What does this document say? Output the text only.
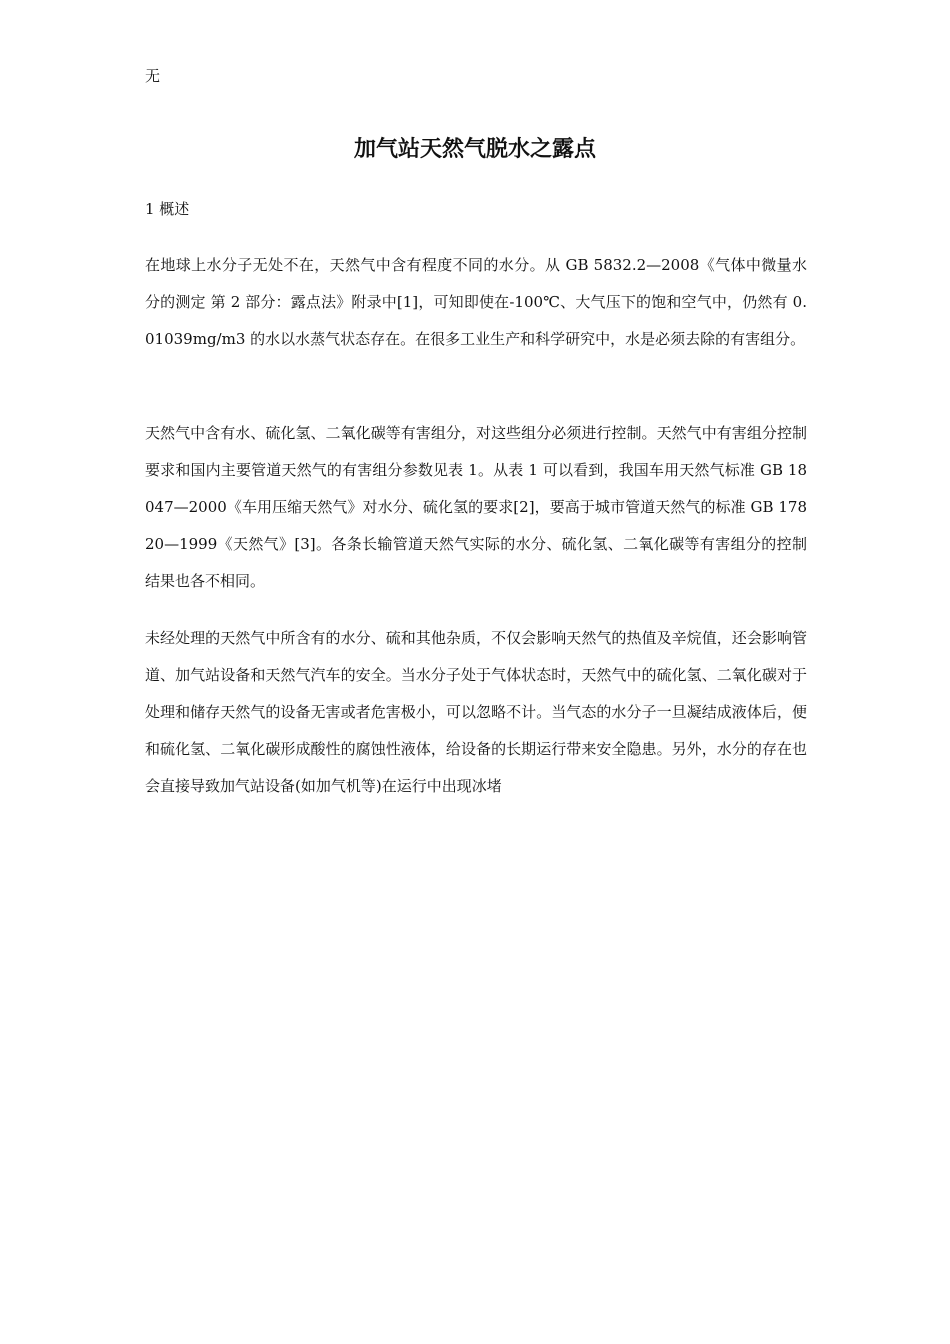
无
加气站天然气脱水之露点
1 概述

在地球上水分子无处不在，天然气中含有程度不同的水分。从 GB 5832.2—2008《气体中微量水分的测定 第 2 部分：露点法》附录中[1]，可知即使在-100℃、大气压下的饱和空气中，仍然有 0.01039mg/m3 的水以水蒸气状态存在。在很多工业生产和科学研究中，水是必须去除的有害组分。

天然气中含有水、硫化氢、二氧化碳等有害组分，对这些组分必须进行控制。天然气中有害组分控制要求和国内主要管道天然气的有害组分参数见表 1。从表 1 可以看到，我国车用天然气标准 GB 18047—2000《车用压缩天然气》对水分、硫化氢的要求[2]，要高于城市管道天然气的标准 GB 17820—1999《天然气》[3]。各条长输管道天然气实际的水分、硫化氢、二氧化碳等有害组分的控制结果也各不相同。

未经处理的天然气中所含有的水分、硫和其他杂质，不仅会影响天然气的热值及辛烷值，还会影响管道、加气站设备和天然气汽车的安全。当水分子处于气体状态时，天然气中的硫化氢、二氧化碳对于处理和储存天然气的设备无害或者危害极小，可以忽略不计。当气态的水分子一旦凝结成液体后，便和硫化氢、二氧化碳形成酸性的腐蚀性液体，给设备的长期运行带来安全隐患。另外，水分的存在也会直接导致加气站设备(如加气机等)在运行中出现冰堵
